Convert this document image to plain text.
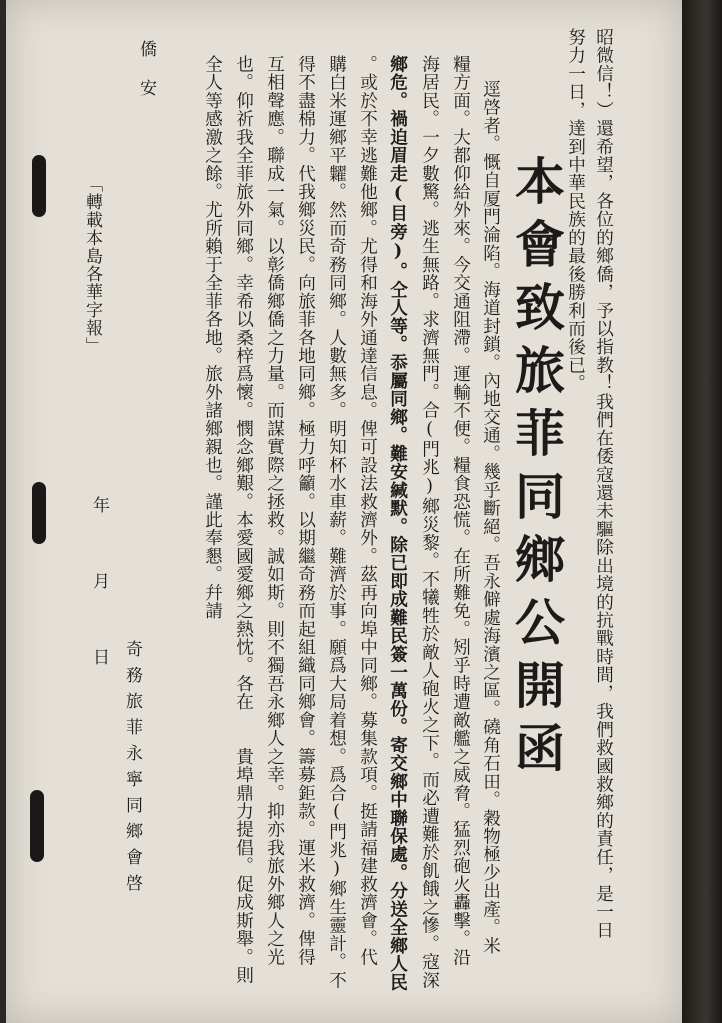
昭微信！）還希望，各位的鄉僑，予以指教！我們在倭寇還未驅除出境的抗戰時間，我們救國救鄉的責任，是一日
努力一日，達到中華民族的最後勝利而後已。
本會致旅菲同鄉公開函
逕啓者。慨自厦門淪陷。海道封鎖。內地交通。幾乎斷絕。吾永僻處海濱之區。磽角石田。穀物極少出產。米
糧方面。大都仰給外來。今交通阻滯。運輸不便。糧食恐慌。在所難免。矧乎時遭敵艦之威脅。猛烈砲火轟擊。沿
海居民。一夕數驚。逃生無路。求濟無門。合(門兆)鄉災黎。不犧牲於敵人砲火之下。而必遭難於飢餓之慘。寇深
鄉危。禍迫眉走(目旁)。仝人等。忝屬同鄉。難安緘默。除已即成難民簽一萬份。寄交鄉中聯保處。分送全鄉人民
。或於不幸逃難他鄉。尤得和海外通達信息。俾可設法救濟外。茲再向埠中同鄉。募集款項。挺請福建救濟會。代
購白米運鄉平糶。然而奇務同鄉。人數無多。明知杯水車薪。難濟於事。願爲大局着想。爲合(門兆)鄉生靈計。不
得不盡棉力。代我鄉災民。向旅菲各地同鄉。極力呼籲。以期繼奇務而起組織同鄉會。籌募鉅款。運米救濟。俾得
互相聲應。聯成一氣。以彰僑鄉僑之力量。而謀實際之拯救。誠如斯。則不獨吾永鄉人之幸。抑亦我旅外鄉人之光
也。仰祈我全菲旅外同鄉。幸希以桑梓爲懷。憫念鄉艱。本愛國愛鄉之熱忱。各在　　貴埠鼎力提倡。促成斯舉。則
全人等感激之餘。尤所賴于全菲各地。旅外諸鄉親也。謹此奉懇。幷請
僑安
「轉載本島各華字報」
年
月
日 奇務旅菲永寧同鄉會啓
